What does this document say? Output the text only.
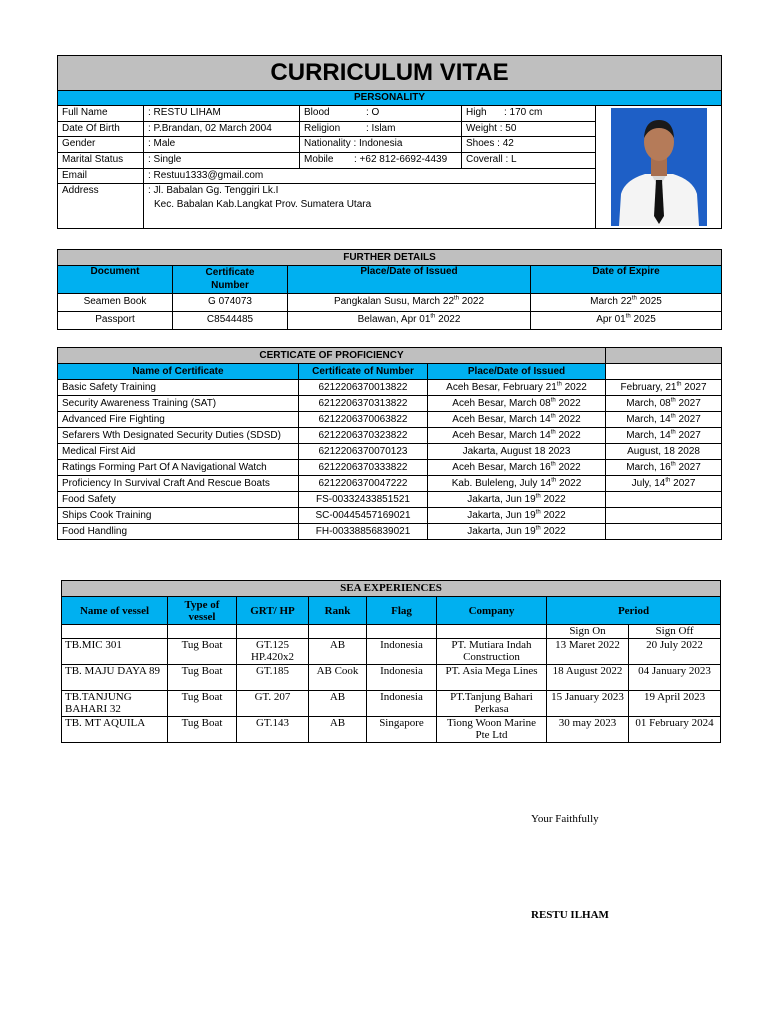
CURRICULUM VITAE				
PERSONALITY				
Full Name	: RESTU LIHAM	Blood : O	High : 170 cm	

Date Of Birth	: P.Brandan, 02 March 2004	Religion : Islam	Weight : 50	
Gender	: Male	Nationality : Indonesia	Shoes : 42	
Marital Status	: Single	Mobile : +62 812-6692-4439	Coverall : L	
Email	: Restuu1333@gmail.com			
Address	: Jl. Babalan Gg. Tenggiri Lk.I
Kec. Babalan Kab.Langkat Prov. Sumatera Utara			
FURTHER DETAILS			
Document	Certificate Number	Place/Date of Issued	Date of Expire
Seamen Book	G 074073	Pangkalan Susu, March 22th 2022	March 22th 2025
Passport	C8544485	Belawan, Apr 01th 2022	Apr 01th 2025
CERTICATE OF PROFICIENCY			
Name of Certificate	Certificate of Number	Place/Date of Issued	
Basic Safety Training	6212206370013822	Aceh Besar, February 21th 2022	February, 21th 2027
Security Awareness Training (SAT)	6212206370313822	Aceh Besar, March 08th 2022	March, 08th 2027
Advanced Fire Fighting	6212206370063822	Aceh Besar, March 14th 2022	March, 14th 2027
Sefarers Wth Designated Security Duties (SDSD)	6212206370323822	Aceh Besar, March 14th 2022	March, 14th 2027
Medical First Aid	6212206370070123	Jakarta, August 18 2023	August, 18 2028
Ratings Forming Part Of A Navigational Watch	6212206370333822	Aceh Besar, March 16th 2022	March, 16th 2027
Proficiency In Survival Craft And Rescue Boats	6212206370047222	Kab. Buleleng, July 14th 2022	July, 14th 2027
Food Safety	FS-00332433851521	Jakarta, Jun 19th 2022	
Ships Cook Training	SC-00445457169021	Jakarta, Jun 19th 2022	
Food Handling	FH-00338856839021	Jakarta, Jun 19th 2022	
SEA EXPERIENCES							
Name of vessel	Type of vessel	GRT/ HP	Rank	Flag	Company	Period	
						Sign On	Sign Off
TB.MIC 301	Tug Boat	GT.125 HP.420x2	AB	Indonesia	PT. Mutiara Indah Construction	13 Maret 2022	20 July 2022
TB. MAJU DAYA 89	Tug Boat	GT.185	AB Cook	Indonesia	PT. Asia Mega Lines	18 August 2022	04 January 2023
TB.TANJUNG BAHARI 32	Tug Boat	GT. 207	AB	Indonesia	PT.Tanjung Bahari Perkasa	15 January 2023	19 April 2023
TB. MT AQUILA	Tug Boat	GT.143	AB	Singapore	Tiong Woon Marine Pte Ltd	30 may 2023	01 February 2024
Your Faithfully
RESTU ILHAM
